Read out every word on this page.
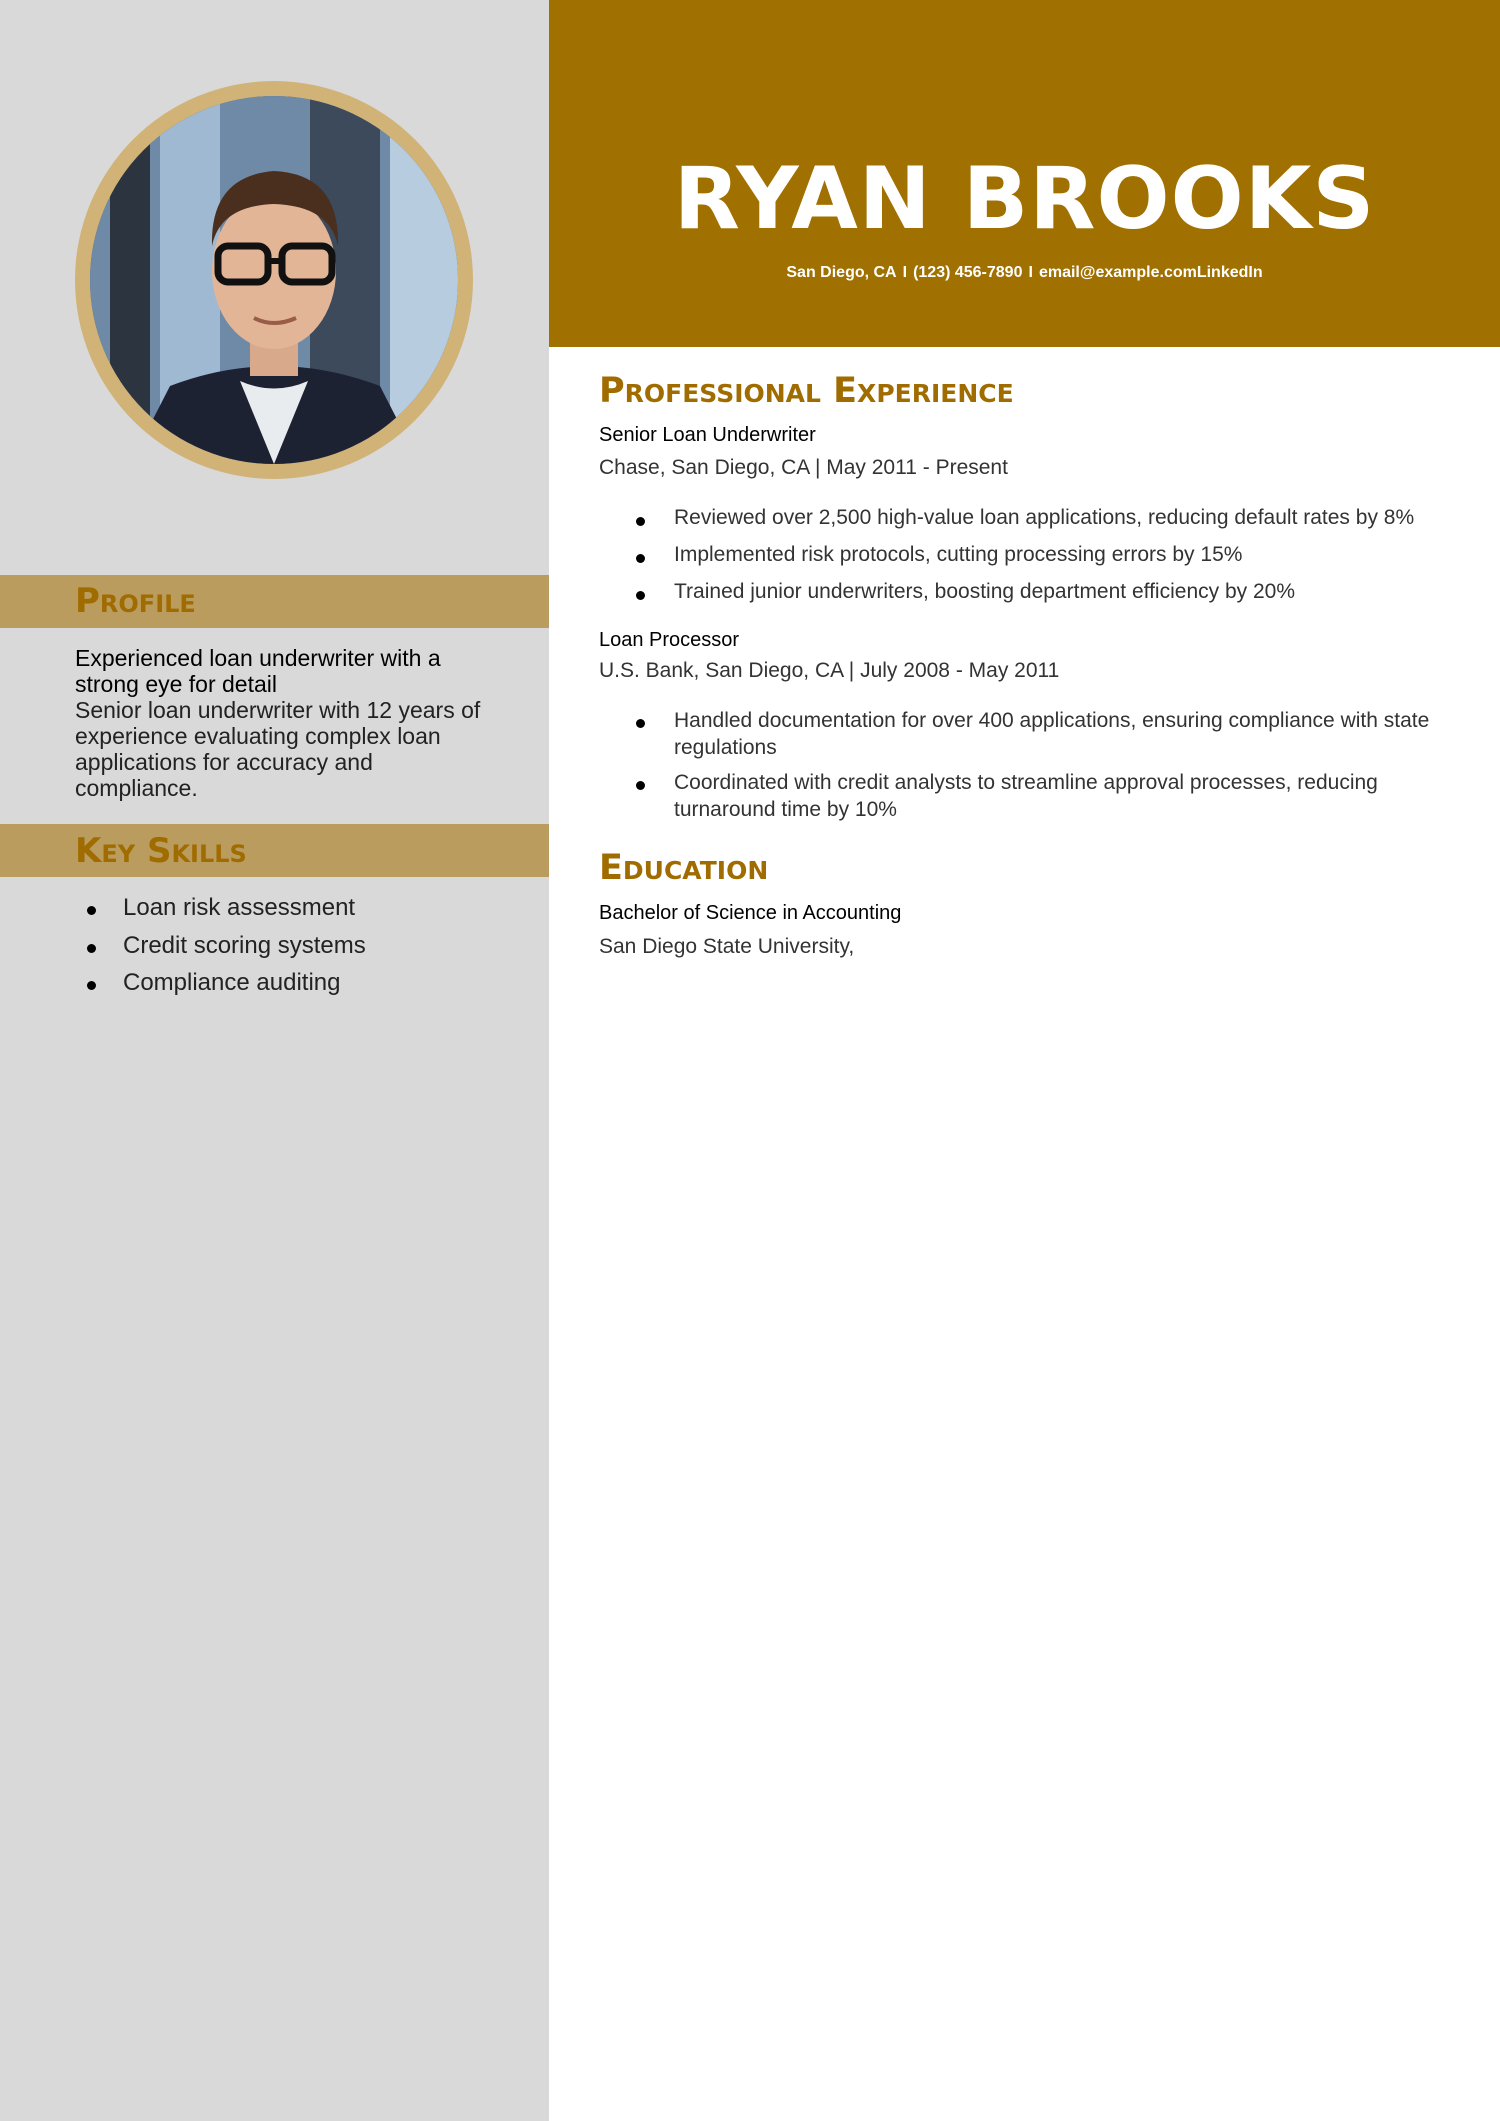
RYAN BROOKS
San Diego, CA I (123) 456-7890 I email@example.comLinkedIn
Profile
Experienced loan underwriter with a strong eye for detail
Senior loan underwriter with 12 years of experience evaluating complex loan applications for accuracy and compliance.
Key Skills
Loan risk assessment
Credit scoring systems
Compliance auditing
Professional Experience
Senior Loan Underwriter
Chase, San Diego, CA | May 2011 - Present
Reviewed over 2,500 high-value loan applications, reducing default rates by 8%
Implemented risk protocols, cutting processing errors by 15%
Trained junior underwriters, boosting department efficiency by 20%
Loan Processor
U.S. Bank, San Diego, CA | July 2008 - May 2011
Handled documentation for over 400 applications, ensuring compliance with state regulations
Coordinated with credit analysts to streamline approval processes, reducing turnaround time by 10%
Education
Bachelor of Science in Accounting
San Diego State University,
